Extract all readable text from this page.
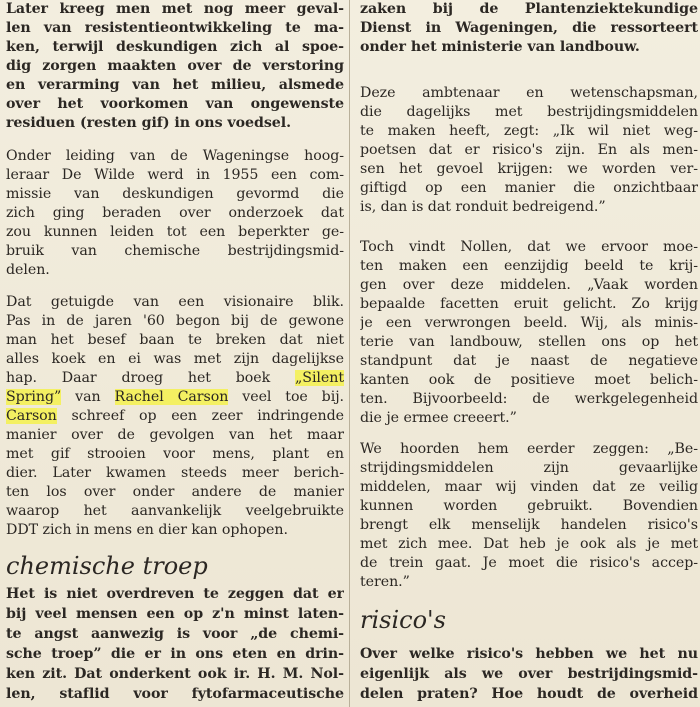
Later kreeg men met nog meer geval-
len van resistentieontwikkeling te ma-
ken, terwijl deskundigen zich al spoe-
dig zorgen maakten over de verstoring
en verarming van het milieu, alsmede
over het voorkomen van ongewenste
residuen (resten gif) in ons voedsel.
Onder leiding van de Wageningse hoog-
leraar De Wilde werd in 1955 een com-
missie van deskundigen gevormd die
zich ging beraden over onderzoek dat
zou kunnen leiden tot een beperkter ge-
bruik van chemische bestrijdingsmid-
delen.
Dat getuigde van een visionaire blik.
Pas in de jaren '60 begon bij de gewone
man het besef baan te breken dat niet
alles koek en ei was met zijn dagelijkse
hap. Daar droeg het boek „Silent
Spring” van Rachel Carson veel toe bij.
Carson schreef op een zeer indringende
manier over de gevolgen van het maar
met gif strooien voor mens, plant en
dier. Later kwamen steeds meer berich-
ten los over onder andere de manier
waarop het aanvankelijk veelgebruikte
DDT zich in mens en dier kan ophopen.
chemische troep
Het is niet overdreven te zeggen dat er
bij veel mensen een op z'n minst laten-
te angst aanwezig is voor „de chemi-
sche troep” die er in ons eten en drin-
ken zit. Dat onderkent ook ir. H. M. Nol-
len, staflid voor fytofarmaceutische
zaken bij de Plantenziektekundige
Dienst in Wageningen, die ressorteert
onder het ministerie van landbouw.
Deze ambtenaar en wetenschapsman,
die dagelijks met bestrijdingsmiddelen
te maken heeft, zegt: „Ik wil niet weg-
poetsen dat er risico's zijn. En als men-
sen het gevoel krijgen: we worden ver-
giftigd op een manier die onzichtbaar
is, dan is dat ronduit bedreigend.”
Toch vindt Nollen, dat we ervoor moe-
ten maken een eenzijdig beeld te krij-
gen over deze middelen. „Vaak worden
bepaalde facetten eruit gelicht. Zo krijg
je een verwrongen beeld. Wij, als minis-
terie van landbouw, stellen ons op het
standpunt dat je naast de negatieve
kanten ook de positieve moet belich-
ten. Bijvoorbeeld: de werkgelegenheid
die je ermee creeert.”
We hoorden hem eerder zeggen: „Be-
strijdingsmiddelen zijn gevaarlijke
middelen, maar wij vinden dat ze veilig
kunnen worden gebruikt. Bovendien
brengt elk menselijk handelen risico's
met zich mee. Dat heb je ook als je met
de trein gaat. Je moet die risico's accep-
teren.”
risico's
Over welke risico's hebben we het nu
eigenlijk als we over bestrijdingsmid-
delen praten? Hoe houdt de overheid
